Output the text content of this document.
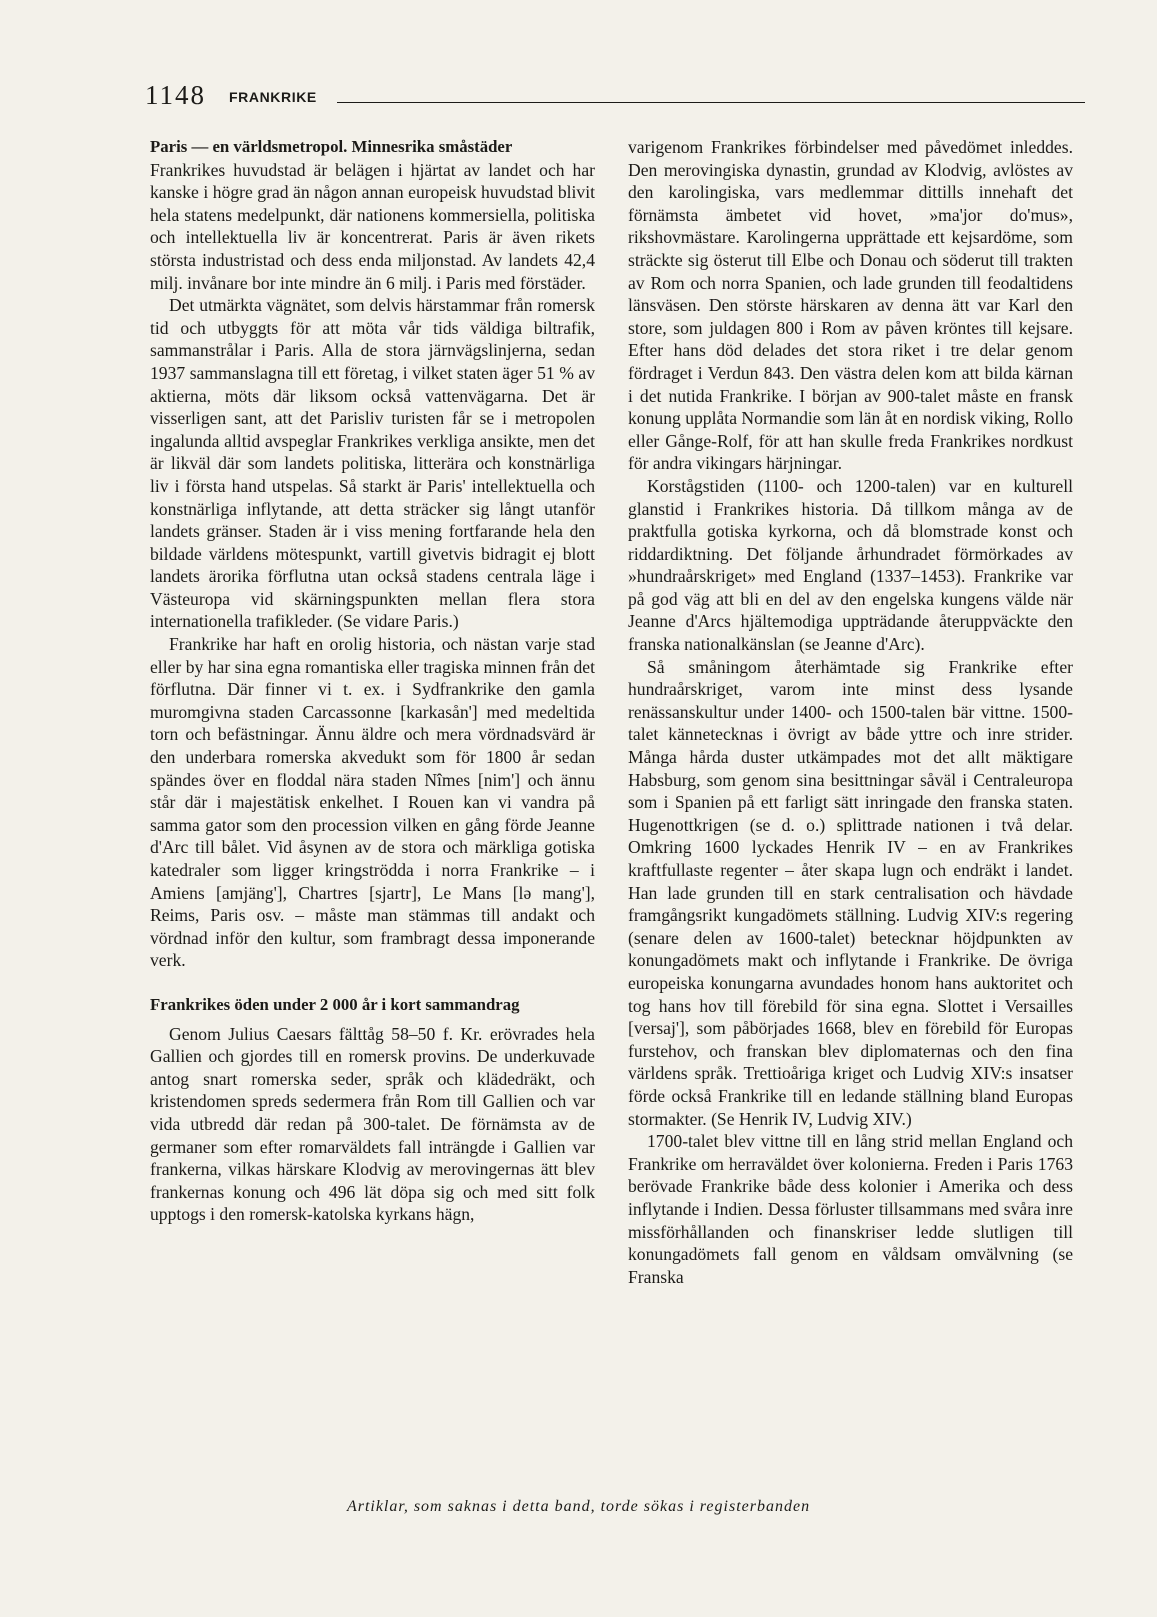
1148 FRANKRIKE
Paris — en världsmetropol. Minnesrika småstäder

Frankrikes huvudstad är belägen i hjärtat av landet och har kanske i högre grad än någon annan europeisk huvudstad blivit hela statens medelpunkt, där nationens kommersiella, politiska och intellektuella liv är koncentrerat. Paris är även rikets största industristad och dess enda miljonstad. Av landets 42,4 milj. invånare bor inte mindre än 6 milj. i Paris med förstäder.

Det utmärkta vägnätet, som delvis härstammar från romersk tid och utbyggts för att möta vår tids väldiga biltrafik, sammanstrålar i Paris. Alla de stora järnvägslinjerna, sedan 1937 sammanslagna till ett företag, i vilket staten äger 51 % av aktierna, möts där liksom också vattenvägarna. Det är visserligen sant, att det Parisliv turisten får se i metropolen ingalunda alltid avspeglar Frankrikes verkliga ansikte, men det är likväl där som landets politiska, litterära och konstnärliga liv i första hand utspelas. Så starkt är Paris' intellektuella och konstnärliga inflytande, att detta sträcker sig långt utanför landets gränser. Staden är i viss mening fortfarande hela den bildade världens mötespunkt, vartill givetvis bidragit ej blott landets ärorika förflutna utan också stadens centrala läge i Västeuropa vid skärningspunkten mellan flera stora internationella trafikleder. (Se vidare Paris.)

Frankrike har haft en orolig historia, och nästan varje stad eller by har sina egna romantiska eller tragiska minnen från det förflutna. Där finner vi t. ex. i Sydfrankrike den gamla muromgivna staden Carcassonne [karkasån'] med medeltida torn och befästningar. Ännu äldre och mera vördnadsvärd är den underbara romerska akvedukt som för 1800 år sedan spändes över en floddal nära staden Nîmes [nim'] och ännu står där i majestätisk enkelhet. I Rouen kan vi vandra på samma gator som den procession vilken en gång förde Jeanne d'Arc till bålet. Vid åsynen av de stora och märkliga gotiska katedraler som ligger kringströdda i norra Frankrike – i Amiens [amjäng'], Chartres [sjartr], Le Mans [lə mang'], Reims, Paris osv. – måste man stämmas till andakt och vördnad inför den kultur, som frambragt dessa imponerande verk.

Frankrikes öden under 2 000 år i kort sammandrag

Genom Julius Caesars fälttåg 58–50 f. Kr. erövrades hela Gallien och gjordes till en romersk provins. De underkuvade antog snart romerska seder, språk och klädedräkt, och kristendomen spreds sedermera från Rom till Gallien och var vida utbredd där redan på 300-talet. De förnämsta av de germaner som efter romarväldets fall inträngde i Gallien var frankerna, vilkas härskare Klodvig av merovingernas ätt blev frankernas konung och 496 lät döpa sig och med sitt folk upptogs i den romersk-katolska kyrkans hägn,

varigenom Frankrikes förbindelser med påvedömet inleddes. Den merovingiska dynastin, grundad av Klodvig, avlöstes av den karolingiska, vars medlemmar dittills innehaft det förnämsta ämbetet vid hovet, »ma'jor do'mus», rikshovmästare. Karolingerna upprättade ett kejsardöme, som sträckte sig österut till Elbe och Donau och söderut till trakten av Rom och norra Spanien, och lade grunden till feodaltidens länsväsen. Den störste härskaren av denna ätt var Karl den store, som juldagen 800 i Rom av påven kröntes till kejsare. Efter hans död delades det stora riket i tre delar genom fördraget i Verdun 843. Den västra delen kom att bilda kärnan i det nutida Frankrike. I början av 900-talet måste en fransk konung upplåta Normandie som län åt en nordisk viking, Rollo eller Gånge-Rolf, för att han skulle freda Frankrikes nordkust för andra vikingars härjningar.

Korstågstiden (1100- och 1200-talen) var en kulturell glanstid i Frankrikes historia. Då tillkom många av de praktfulla gotiska kyrkorna, och då blomstrade konst och riddardiktning. Det följande århundradet förmörkades av »hundraårskriget» med England (1337–1453). Frankrike var på god väg att bli en del av den engelska kungens välde när Jeanne d'Arcs hjältemodiga uppträdande återuppväckte den franska nationalkänslan (se Jeanne d'Arc).

Så småningom återhämtade sig Frankrike efter hundraårskriget, varom inte minst dess lysande renässanskultur under 1400- och 1500-talen bär vittne. 1500-talet kännetecknas i övrigt av både yttre och inre strider. Många hårda duster utkämpades mot det allt mäktigare Habsburg, som genom sina besittningar såväl i Centraleuropa som i Spanien på ett farligt sätt inringade den franska staten. Hugenottkrigen (se d. o.) splittrade nationen i två delar. Omkring 1600 lyckades Henrik IV – en av Frankrikes kraftfullaste regenter – åter skapa lugn och endräkt i landet. Han lade grunden till en stark centralisation och hävdade framgångsrikt kungadömets ställning. Ludvig XIV:s regering (senare delen av 1600-talet) betecknar höjdpunkten av konungadömets makt och inflytande i Frankrike. De övriga europeiska konungarna avundades honom hans auktoritet och tog hans hov till förebild för sina egna. Slottet i Versailles [versaj'], som påbörjades 1668, blev en förebild för Europas furstehov, och franskan blev diplomaternas och den fina världens språk. Trettioåriga kriget och Ludvig XIV:s insatser förde också Frankrike till en ledande ställning bland Europas stormakter. (Se Henrik IV, Ludvig XIV.)

1700-talet blev vittne till en lång strid mellan England och Frankrike om herraväldet över kolonierna. Freden i Paris 1763 berövade Frankrike både dess kolonier i Amerika och dess inflytande i Indien. Dessa förluster tillsammans med svåra inre missförhållanden och finanskriser ledde slutligen till konungadömets fall genom en våldsam omvälvning (se Franska

Artiklar, som saknas i detta band, torde sökas i registerbanden
